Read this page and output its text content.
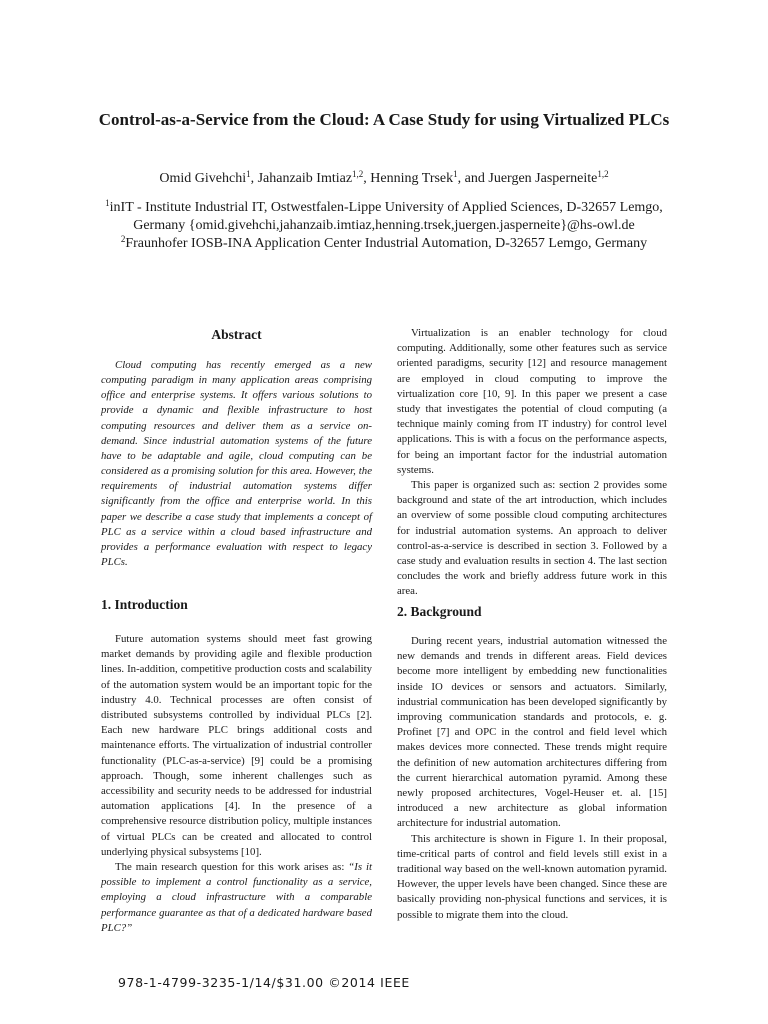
Control-as-a-Service from the Cloud: A Case Study for using Virtualized PLCs
Omid Givehchi$^1$, Jahanzaib Imtiaz$^{1,2}$, Henning Trsek$^1$, and Juergen Jasperneite$^{1,2}$
$^1$inIT - Institute Industrial IT, Ostwestfalen-Lippe University of Applied Sciences, D-32657 Lemgo,
Germany {omid.givehchi,jahanzaib.imtiaz,henning.trsek,juergen.jasperneite}@hs-owl.de
$^2$Fraunhofer IOSB-INA Application Center Industrial Automation, D-32657 Lemgo, Germany
Abstract

Cloud computing has recently emerged as a new computing paradigm in many application areas comprising office and enterprise systems. It offers various solutions to provide a dynamic and flexible infrastructure to host computing resources and deliver them as a service on-demand. Since industrial automation systems of the future have to be adaptable and agile, cloud computing can be considered as a promising solution for this area. However, the requirements of industrial automation systems differ significantly from the office and enterprise world. In this paper we describe a case study that implements a concept of PLC as a service within a cloud based infrastructure and provides a performance evaluation with respect to legacy PLCs.

1. Introduction

Future automation systems should meet fast growing market demands by providing agile and flexible production lines. In-addition, competitive production costs and scalability of the automation system would be an important topic for the industry 4.0. Technical processes are often consist of distributed subsystems controlled by individual PLCs [2]. Each new hardware PLC brings additional costs and maintenance efforts. The virtualization of industrial controller functionality (PLC-as-a-service) [9] could be a promising approach. Though, some inherent challenges such as accessibility and security needs to be addressed for industrial automation applications [4]. In the presence of a comprehensive resource distribution policy, multiple instances of virtual PLCs can be created and allocated to control underlying physical subsystems [10].

The main research question for this work arises as: “Is it possible to implement a control functionality as a service, employing a cloud infrastructure with a comparable performance guarantee as that of a dedicated hardware based PLC?”

Virtualization is an enabler technology for cloud computing. Additionally, some other features such as service oriented paradigms, security [12] and resource management are employed in cloud computing to improve the virtualization core [10, 9]. In this paper we present a case study that investigates the potential of cloud computing (a technique mainly coming from IT industry) for control level applications. This is with a focus on the performance aspects, for being an important factor for the industrial automation systems.

This paper is organized such as: section 2 provides some background and state of the art introduction, which includes an overview of some possible cloud computing architectures for industrial automation systems. An approach to deliver control-as-a-service is described in section 3. Followed by a case study and evaluation results in section 4. The last section concludes the work and briefly address future work in this area.

2. Background

During recent years, industrial automation witnessed the new demands and trends in different areas. Field devices become more intelligent by embedding new functionalities inside IO devices or sensors and actuators. Similarly, industrial communication has been developed significantly by improving communication standards and protocols, e. g. Profinet [7] and OPC in the control and field level which makes devices more connected. These trends might require the definition of new automation architectures differing from the current hierarchical automation pyramid. Among these newly proposed architectures, Vogel-Heuser et. al. [15] introduced a new architecture as global information architecture for industrial automation.

This architecture is shown in Figure 1. In their proposal, time-critical parts of control and field levels still exist in a traditional way based on the well-known automation pyramid. However, the upper levels have been changed. Since these are basically providing non-physical functions and services, it is possible to migrate them into the cloud.

978-1-4799-3235-1/14/$31.00 ©2014 IEEE
